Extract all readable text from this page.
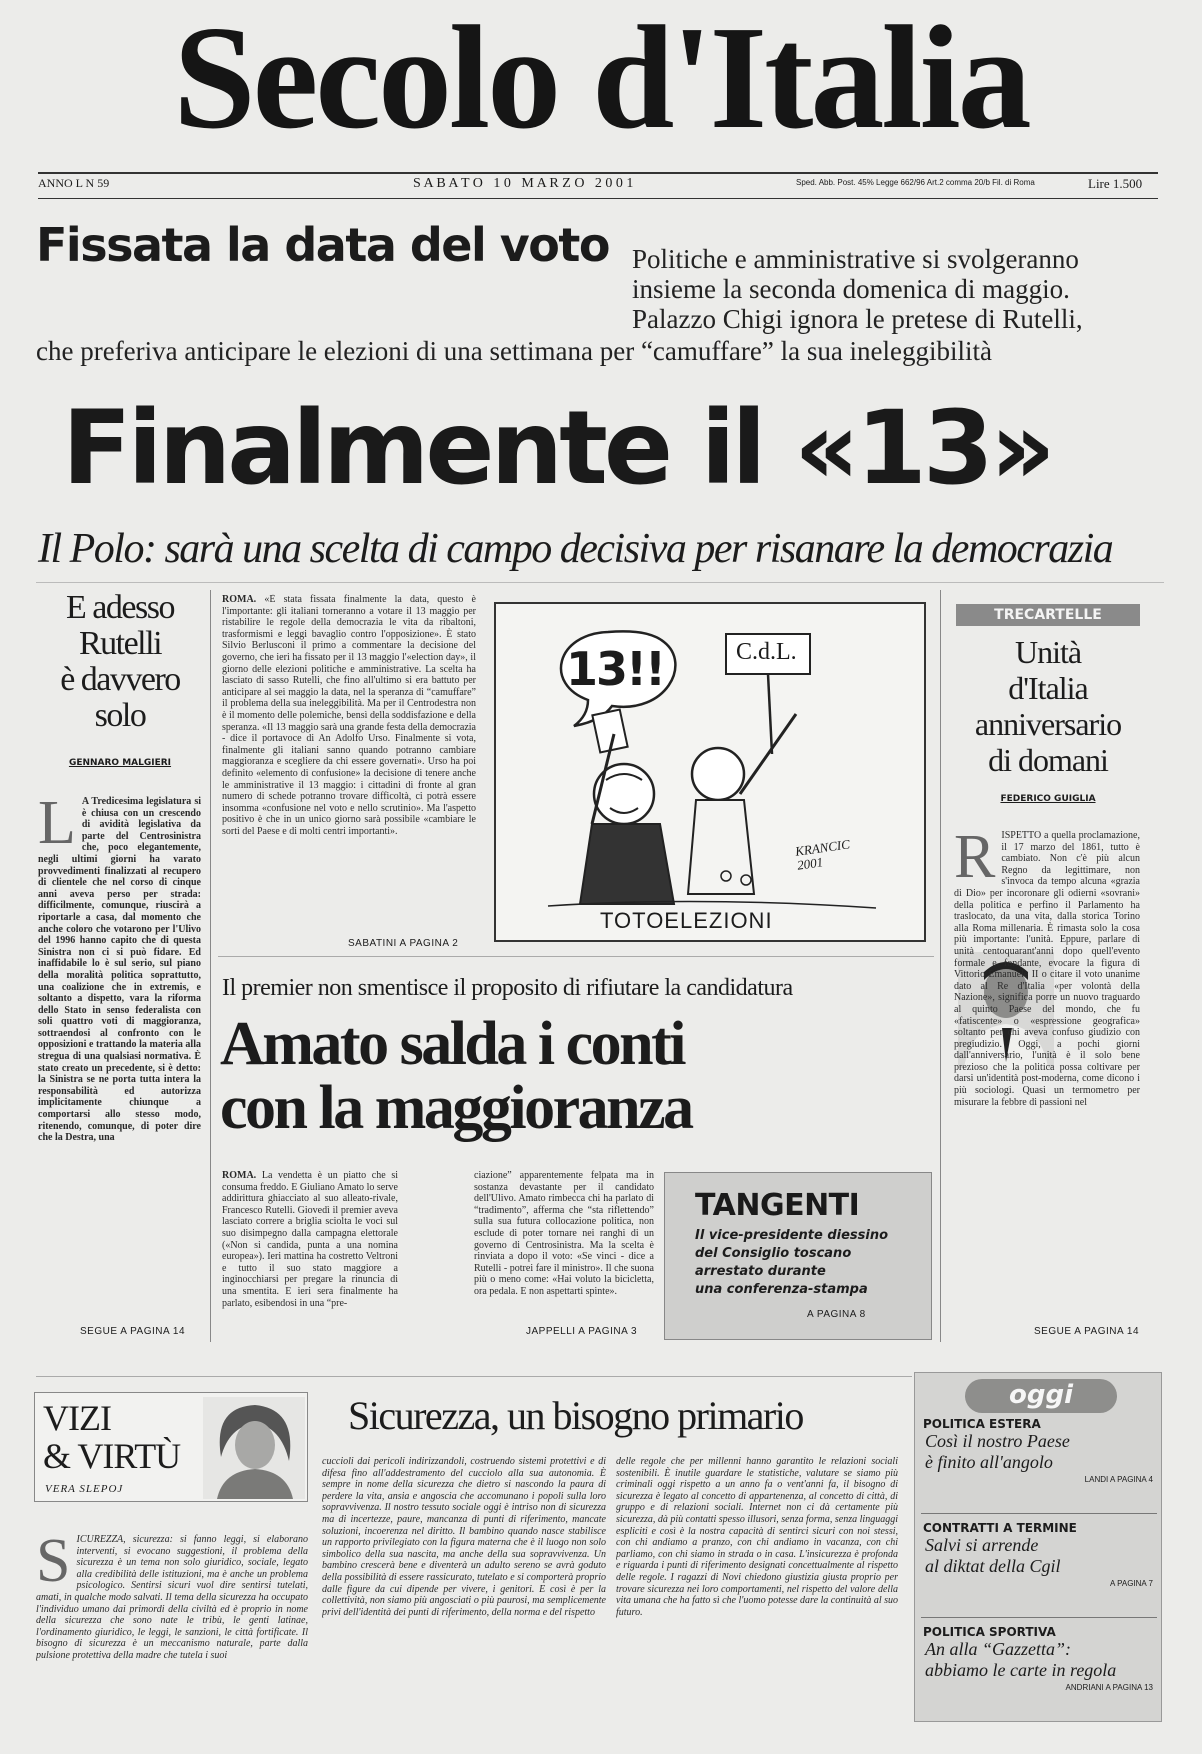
Secolo d'Italia
ANNO L N 59	S A B A T O   1 0   M A R Z O   2 0 0 1	Sped. Abb. Post. 45% Legge 662/96 Art.2 comma 20/b Fil. di Roma	Lire 1.500
Fissata la data del voto Politiche e amministrative si svolgeranno
insieme la seconda domenica di maggio.
Palazzo Chigi ignora le pretese di Rutelli,
che preferiva anticipare le elezioni di una settimana per “camuffare” la sua ineleggibilità
Finalmente il «13»
Il Polo: sarà una scelta di campo decisiva per risanare la democrazia
E adesso
Rutelli
è davvero
solo
GENNARO MALGIERI
L A Tredicesima legislatura si è chiusa con un crescendo di avidità legislativa da parte del Centrosinistra che, poco elegantemente, negli ultimi giorni ha varato provvedimenti finalizzati al recupero di clientele che nel corso di cinque anni aveva perso per strada: difficilmente, comunque, riuscirà a riportarle a casa, dal momento che anche coloro che votarono per l'Ulivo del 1996 hanno capito che di questa Sinistra non ci si può fidare. Ed inaffidabile lo è sul serio, sul piano della moralità politica soprattutto, una coalizione che in extremis, e soltanto a dispetto, vara la riforma dello Stato in senso federalista con soli quattro voti di maggioranza, sottraendosi al confronto con le opposizioni e trattando la materia alla stregua di una qualsiasi normativa. È stato creato un precedente, si è detto: la Sinistra se ne porta tutta intera la responsabilità ed autorizza implicitamente chiunque a comportarsi allo stesso modo, ritenendo, comunque, di poter dire che la Destra, una
SEGUE A PAGINA 14
ROMA. «È stata fissata finalmente la data, questo è l'importante: gli italiani torneranno a votare il 13 maggio per ristabilire le regole della democrazia le vita da ribaltoni, trasformismi e leggi bavaglio contro l'opposizione». È stato Silvio Berlusconi il primo a commentare la decisione del governo, che ieri ha fissato per il 13 maggio l'«election day», il giorno delle elezioni politiche e amministrative. La scelta ha lasciato di sasso Rutelli, che fino all'ultimo si era battuto per anticipare al sei maggio la data, nel la speranza di “camuffare” il problema della sua ineleggibilità. Ma per il Centrodestra non è il momento delle polemiche, bensì della soddisfazione e della speranza. «Il 13 maggio sarà una grande festa della democrazia - dice il portavoce di An Adolfo Urso. Finalmente si vota, finalmente gli italiani sanno quando potranno cambiare maggioranza e scegliere da chi essere governati». Urso ha poi definito «elemento di confusione» la decisione di tenere anche le amministrative il 13 maggio: i cittadini di fronte al gran numero di schede potranno trovare difficoltà, ci potrà essere insomma «confusione nel voto e nello scrutinio». Ma l'aspetto positivo è che in un unico giorno sarà possibile «cambiare le sorti del Paese e di molti centri importanti».
SABATINI A PAGINA 2
13!!	C.d.L.
KRANCIC 2001
TOTOELEZIONI
TRECARTELLE
Unità
d'Italia
anniversario
di domani
FEDERICO GUIGLIA
RISPETTO a quella proclamazione, il 17 marzo del 1861, tutto è cambiato. Non c'è più alcun Regno da legittimare, non s'invoca da tempo alcuna «grazia di Dio» per incoronare gli odierni «sovrani» della politica e perfino il Parlamento ha traslocato, da una vita, dalla storica Torino alla Roma millenaria. È rimasta solo la cosa più importante: l'unità. Eppure, parlare di unità centoquarant'anni dopo quell'evento formale e fondante, evocare la figura di Vittorio Emanuele II o citare il voto unanime dato al Re d'Italia «per volontà della Nazione», significa porre un nuovo traguardo al quinto Paese del mondo, che fu «fatiscente» o «espressione geografica» soltanto per chi aveva confuso giudizio con pregiudizio. Oggi, a pochi giorni dall'anniversario, l'unità è il solo bene prezioso che la politica possa coltivare per darsi un'identità post-moderna, come dicono i più sociologi. Quasi un termometro per misurare la febbre di passioni nel
SEGUE A PAGINA 14
Il premier non smentisce il proposito di rifiutare la candidatura
Amato salda i conti
con la maggioranza
ROMA. La vendetta è un piatto che si consuma freddo. E Giuliano Amato lo serve addirittura ghiacciato al suo alleato-rivale, Francesco Rutelli. Giovedì il premier aveva lasciato correre a briglia sciolta le voci sul suo disimpegno dalla campagna elettorale («Non si candida, punta a una nomina europea»). Ieri mattina ha costretto Veltroni e tutto il suo stato maggiore a inginocchiarsi per pregare la rinuncia di una smentita. E ieri sera finalmente ha parlato, esibendosi in una “pre-
ciazione” apparentemente felpata ma in sostanza devastante per il candidato dell'Ulivo. Amato rimbecca chi ha parlato di “tradimento”, afferma che “sta riflettendo” sulla sua futura collocazione politica, non esclude di poter tornare nei ranghi di un governo di Centrosinistra. Ma la scelta è rinviata a dopo il voto: «Se vinci - dice a Rutelli - potrei fare il ministro». Il che suona più o meno come: «Hai voluto la bicicletta, ora pedala. E non aspettarti spinte».
JAPPELLI A PAGINA 3
TANGENTI
Il vice-presidente diessino
del Consiglio toscano
arrestato durante
una conferenza-stampa
A PAGINA 8
VIZI
& VIRTÙ
VERA SLEPOJ
Sicurezza, un bisogno primario
SICUREZZA, sicurezza: si fanno leggi, si elaborano interventi, si evocano suggestioni, il problema della sicurezza è un tema non solo giuridico, sociale, legato alla credibilità delle istituzioni, ma è anche un problema psicologico. Sentirsi sicuri vuol dire sentirsi tutelati, amati, in qualche modo salvati. Il tema della sicurezza ha occupato l'individuo umano dai primordi della civiltà ed è proprio in nome della sicurezza che sono nate le tribù, le genti latinae, l'ordinamento giuridico, le leggi, le sanzioni, le città fortificate. Il bisogno di sicurezza è un meccanismo naturale, parte dalla pulsione protettiva della madre che tutela i suoi
cuccioli dai pericoli indirizzandoli, costruendo sistemi protettivi e di difesa fino all'addestramento del cucciolo alla sua autonomia. È sempre in nome della sicurezza che dietro si nascondo la paura di perdere la vita, ansia e angoscia che accomunano i popoli sulla loro sopravvivenza. Il nostro tessuto sociale oggi è intriso non di sicurezza ma di incertezze, paure, mancanza di punti di riferimento, mancate soluzioni, incoerenza nel diritto. Il bambino quando nasce stabilisce un rapporto privilegiato con la figura materna che è il luogo non solo simbolico della sua nascita, ma anche della sua sopravvivenza. Un bambino crescerà bene e diventerà un adulto sereno se avrà goduto della possibilità di essere rassicurato, tutelato e si comporterà proprio dalle figure da cui dipende per vivere, i genitori. E così è per la collettività, non siamo più angosciati o più paurosi, ma semplicemente privi dell'identità dei punti di riferimento, della norma e del rispetto
delle regole che per millenni hanno garantito le relazioni sociali sostenibili. È inutile guardare le statistiche, valutare se siamo più criminali oggi rispetto a un anno fa o vent'anni fa, il bisogno di sicurezza è legato al concetto di appartenenza, al concetto di città, di gruppo e di relazioni sociali. Internet non ci dà certamente più sicurezza, dà più contatti spesso illusori, senza forma, senza linguaggi espliciti e così è la nostra capacità di sentirci sicuri con noi stessi, con chi andiamo a pranzo, con chi andiamo in vacanza, con chi parliamo, con chi siamo in strada o in casa. L'insicurezza è profonda e riguarda i punti di riferimento designati concettualmente al rispetto delle regole. I ragazzi di Novi chiedono giustizia giusta proprio per trovare sicurezza nei loro comportamenti, nel rispetto del valore della vita umana che ha fatto sì che l'uomo potesse dare la continuità al suo futuro.
oggi
POLITICA ESTERA
Così il nostro Paese
è finito all'angolo
LANDI A PAGINA 4
CONTRATTI A TERMINE
Salvi si arrende
al diktat della Cgil
A PAGINA 7
POLITICA SPORTIVA
An alla “Gazzetta”:
abbiamo le carte in regola
ANDRIANI A PAGINA 13
